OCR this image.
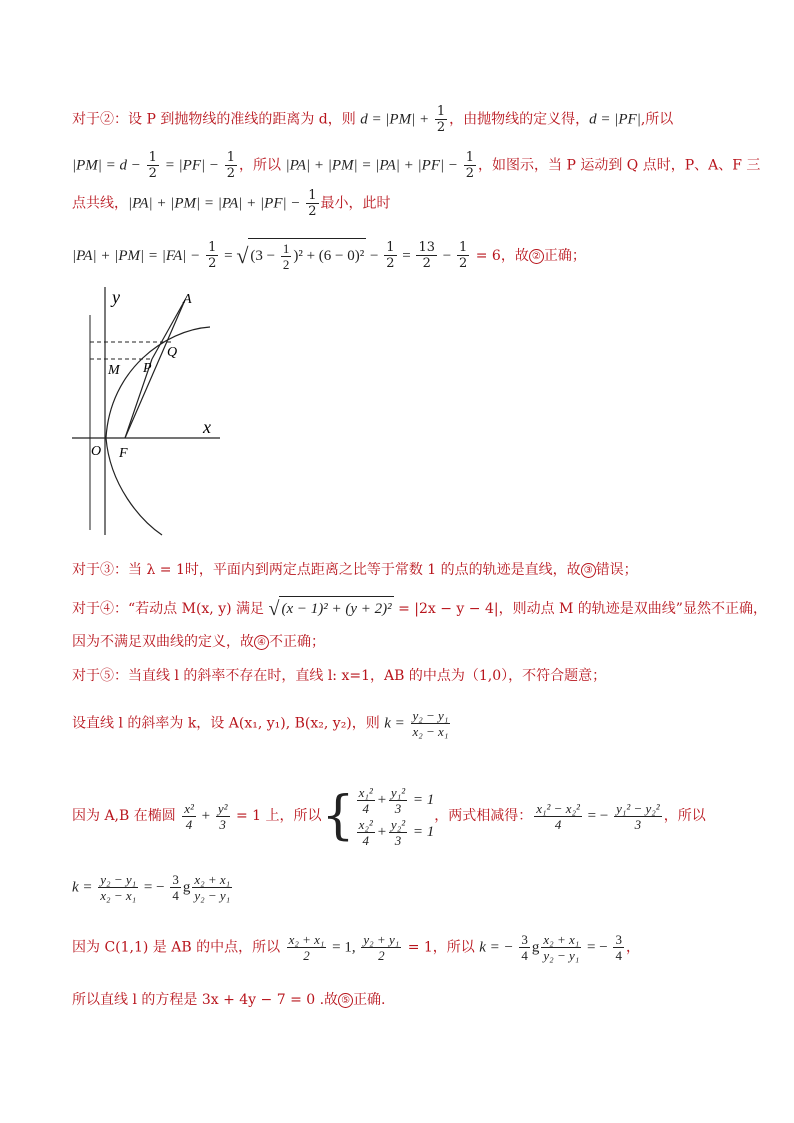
对于②：设 P 到抛物线的准线的距离为 d，则 $d = |PM| + \frac{1}{2}$ ，由抛物线的定义得，d = |PF|,所以
$|PM| = d - \frac{1}{2} = |PF| - \frac{1}{2}$ ，所以 $|PA| + |PM| = |PA| + |PF| - \frac{1}{2}$ ，如图示，当 P 运动到 Q 点时，P、A、F 三
点共线，$|PA| + |PM| = |PA| + |PF| - \frac{1}{2}$ 最小，此时
$|PA| + |PM| = |FA| - \frac{1}{2}$ = √ $(3 - \frac{1}{2} )^2 + (6 - 0)^2 - \frac{1}{2} = \frac{13}{2} - \frac{1}{2} = 6$，故 ② 正确；
y	A
Q
M P
x
O F
对于③：当 λ = 1时，平面内到两定点距离之比等于常数 1 的点的轨迹是直线，故 ③ 错误；
对于④：“若动点 M(x, y) 满足 √ (x − 1)² + (y + 2)² = |2x − y − 4|，则动点 M 的轨迹是双曲线”显然不正确，
因为不满足双曲线的定义，故 ④ 不正确；
对于⑤：当直线 l 的斜率不存在时，直线 l: x=1，AB 的中点为（1,0），不符合题意；
设直线 l 的斜率为 k，设 A(x₁, y₁), B(x₂, y₂)，则 $k = \frac{\text{y₂ − y₁}}{\text{x₂ − x₁}}$
因为 A,B 在椭圆 $\frac{\text{x²}}{4} + \frac{\text{y²}}{3} = 1$ 上，所以{ $\frac{\text{x₁²}}{4} + \frac{\text{y₁²}}{3} = 1$
$\frac{\text{x₂²}}{4} + \frac{\text{y₂²}}{3} = 1$
，两式相减得： $\frac{\text{x₁² − x₂²}}{4}$ = − $\frac{\text{y₁² − y₂²}}{3}$ ，所以
$k = \frac{\text{y₂ − y₁}}{\text{x₂ − x₁}}$ = − $\frac{3}{4}$ g $\frac{\text{x₂ + x₁}}{\text{y₂ − y₁}}$
因为 C(1,1) 是 AB 的中点，所以 $\frac{\text{x₂ + x₁}}{2} = 1$, $\frac{\text{y₂ + y₁}}{2} = 1$，所以 k = − $\frac{3}{4}$ g $\frac{\text{x₂ + x₁}}{\text{y₂ − y₁}}$ = − $\frac{3}{4}$ ，
所以直线 l 的方程是 3x + 4y − 7 = 0 .故 ⑤ 正确.
